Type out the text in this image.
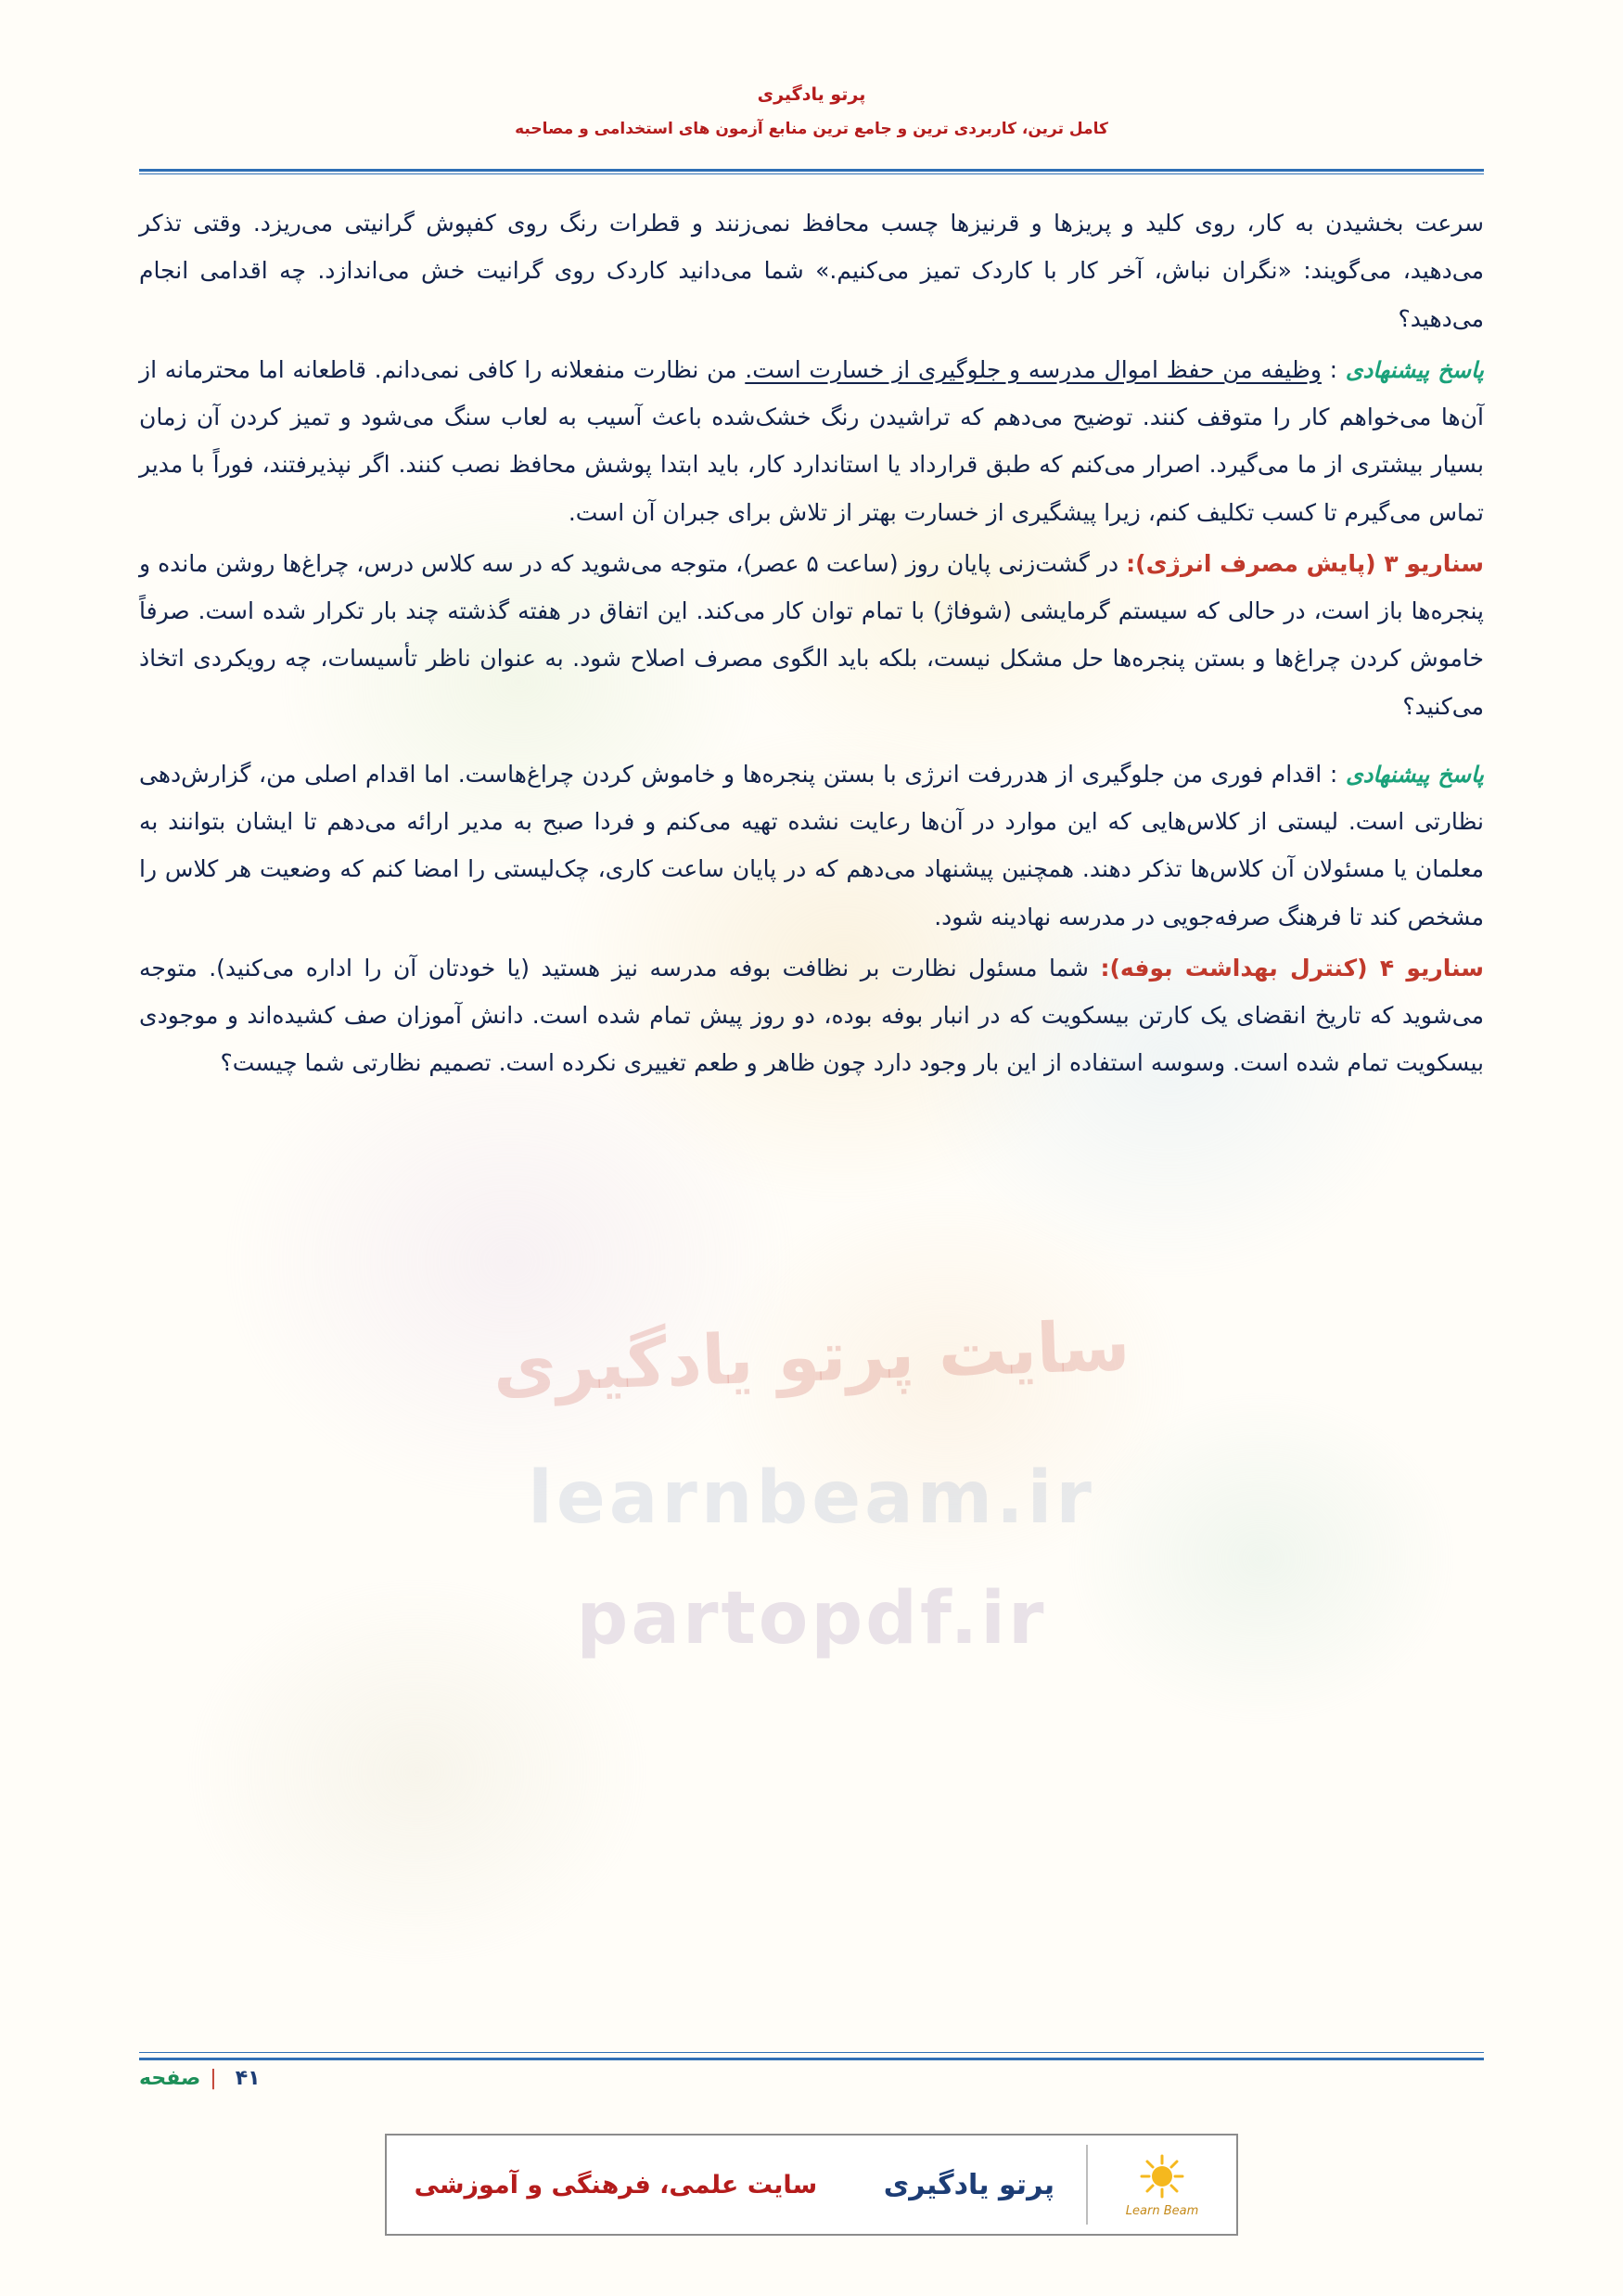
پرتو یادگیری
کامل ترین، کاربردی ترین و جامع ترین منابع آزمون های استخدامی و مصاحبه
سایت پرتو یادگیری
learnbeam.ir
partopdf.ir

سرعت بخشیدن به کار، روی کلید و پریزها و قرنیزها چسب محافظ نمی‌زنند و قطرات رنگ روی کفپوش گرانیتی می‌ریزد. وقتی تذکر می‌دهید، می‌گویند: «نگران نباش، آخر کار با کاردک تمیز می‌کنیم.» شما می‌دانید کاردک روی گرانیت خش می‌اندازد. چه اقدامی انجام می‌دهید؟

پاسخ پیشنهادی : وظیفه من حفظ اموال مدرسه و جلوگیری از خسارت است. من نظارت منفعلانه را کافی نمی‌دانم. قاطعانه اما محترمانه از آن‌ها می‌خواهم کار را متوقف کنند. توضیح می‌دهم که تراشیدن رنگ خشک‌شده باعث آسیب به لعاب سنگ می‌شود و تمیز کردن آن زمان بسیار بیشتری از ما می‌گیرد. اصرار می‌کنم که طبق قرارداد یا استاندارد کار، باید ابتدا پوشش محافظ نصب کنند. اگر نپذیرفتند، فوراً با مدیر تماس می‌گیرم تا کسب تکلیف کنم، زیرا پیشگیری از خسارت بهتر از تلاش برای جبران آن است.

سناریو ۳ (پایش مصرف انرژی): در گشت‌زنی پایان روز (ساعت ۵ عصر)، متوجه می‌شوید که در سه کلاس درس، چراغ‌ها روشن مانده و پنجره‌ها باز است، در حالی که سیستم گرمایشی (شوفاژ) با تمام توان کار می‌کند. این اتفاق در هفته گذشته چند بار تکرار شده است. صرفاً خاموش کردن چراغ‌ها و بستن پنجره‌ها حل مشکل نیست، بلکه باید الگوی مصرف اصلاح شود. به عنوان ناظر تأسیسات، چه رویکردی اتخاذ می‌کنید؟

پاسخ پیشنهادی : اقدام فوری من جلوگیری از هدررفت انرژی با بستن پنجره‌ها و خاموش کردن چراغ‌هاست. اما اقدام اصلی من، گزارش‌دهی نظارتی است. لیستی از کلاس‌هایی که این موارد در آن‌ها رعایت نشده تهیه می‌کنم و فردا صبح به مدیر ارائه می‌دهم تا ایشان بتوانند به معلمان یا مسئولان آن کلاس‌ها تذکر دهند. همچنین پیشنهاد می‌دهم که در پایان ساعت کاری، چک‌لیستی را امضا کنم که وضعیت هر کلاس را مشخص کند تا فرهنگ صرفه‌جویی در مدرسه نهادینه شود.

سناریو ۴ (کنترل بهداشت بوفه): شما مسئول نظارت بر نظافت بوفه مدرسه نیز هستید (یا خودتان آن را اداره می‌کنید). متوجه می‌شوید که تاریخ انقضای یک کارتن بیسکویت که در انبار بوفه بوده، دو روز پیش تمام شده است. دانش آموزان صف کشیده‌اند و موجودی بیسکویت تمام شده است. وسوسه استفاده از این بار وجود دارد چون ظاهر و طعم تغییری نکرده است. تصمیم نظارتی شما چیست؟

۴۱|صفحه
سایت علمی، فرهنگی و آموزشی	پرتو یادگیری
Learn Beam
